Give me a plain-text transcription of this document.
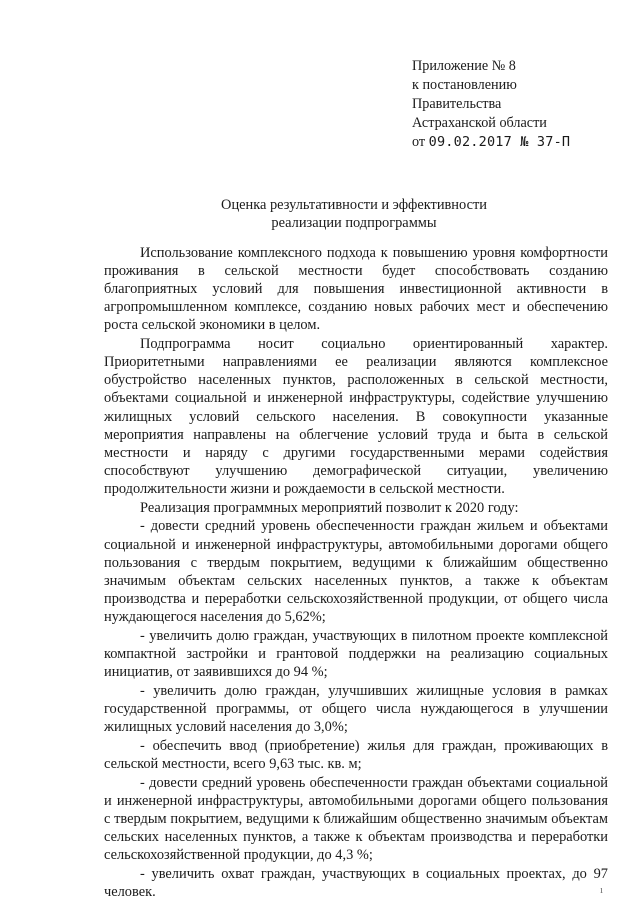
Приложение № 8
к постановлению
Правительства
Астраханской области
от 09.02.2017 № 37-П
Оценка результативности и эффективности
реализации подпрограммы

Использование комплексного подхода к повышению уровня комфортности проживания в сельской местности будет способствовать созданию благоприятных условий для повышения инвестиционной активности в агропромышленном комплексе, созданию новых рабочих мест и обеспечению роста сельской экономики в целом.

Подпрограмма носит социально ориентированный характер. Приоритетными направлениями ее реализации являются комплексное обустройство населенных пунктов, расположенных в сельской местности, объектами социальной и инженерной инфраструктуры, содействие улучшению жилищных условий сельского населения. В совокупности указанные мероприятия направлены на облегчение условий труда и быта в сельской местности и наряду с другими государственными мерами содействия способствуют улучшению демографической ситуации, увеличению продолжительности жизни и рождаемости в сельской местности.

Реализация программных мероприятий позволит к 2020 году:

- довести средний уровень обеспеченности граждан жильем и объектами социальной и инженерной инфраструктуры, автомобильными дорогами общего пользования с твердым покрытием, ведущими к ближайшим общественно значимым объектам сельских населенных пунктов, а также к объектам производства и переработки сельскохозяйственной продукции, от общего числа нуждающегося населения до 5,62%;

- увеличить долю граждан, участвующих в пилотном проекте комплексной компактной застройки и грантовой поддержки на реализацию социальных инициатив, от заявившихся до 94 %;

- увеличить долю граждан, улучшивших жилищные условия в рамках государственной программы, от общего числа нуждающегося в улучшении жилищных условий населения до 3,0%;

- обеспечить ввод (приобретение) жилья для граждан, проживающих в сельской местности, всего 9,63 тыс. кв. м;

- довести средний уровень обеспеченности граждан объектами социальной и инженерной инфраструктуры, автомобильными дорогами общего пользования с твердым покрытием, ведущими к ближайшим общественно значимым объектам сельских населенных пунктов, а также к объектам производства и переработки сельскохозяйственной продукции, до 4,3 %;

- увеличить охват граждан, участвующих в социальных проектах, до 97 человек.	ı
